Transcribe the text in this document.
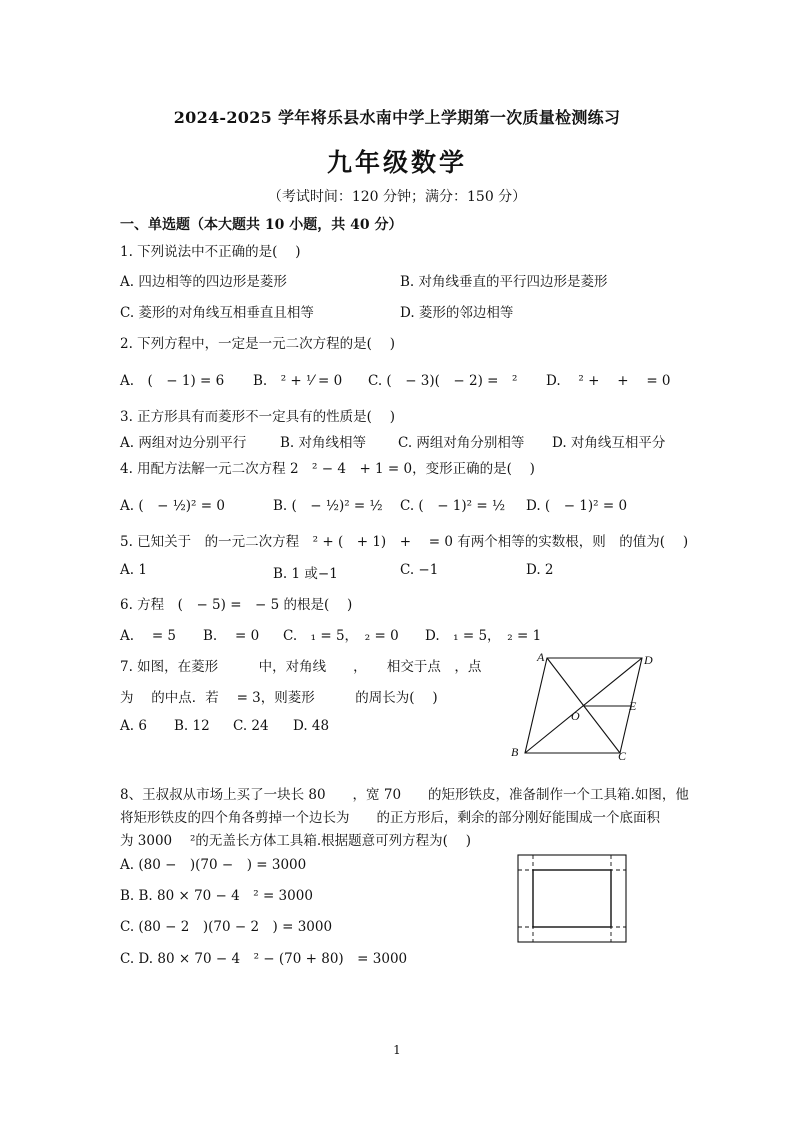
2024-2025 学年将乐县水南中学上学期第一次质量检测练习
九年级数学
（考试时间：120 分钟；满分：150 分）
一、单选题（本大题共 10 小题，共 40 分）
1. 下列说法中不正确的是(　 )
A. 四边相等的四边形是菱形	B. 对角线垂直的平行四边形是菱形
C. 菱形的对角线互相垂直且相等	D. 菱形的邻边相等
2. 下列方程中，一定是一元二次方程的是(　 )
A.　(　− 1) = 6 B.　² + ¹⁄ = 0 C. (　− 3)(　− 2) =　² D.　 ² +　 +　 = 0
3. 正方形具有而菱形不一定具有的性质是(　 )
A. 两组对边分别平行 B. 对角线相等 C. 两组对角分别相等 D. 对角线互相平分
4. 用配方法解一元二次方程 2　² − 4　+ 1 = 0，变形正确的是(　 )
A. (　− ½)² = 0	B. (　− ½)² = ½ C. (　− 1)² = ½ D. (　− 1)² = 0
5. 已知关于　的一元二次方程　² + (　+ 1)　+　 = 0 有两个相等的实数根，则　的值为(　 )
A. 1	B. 1 或−1	C. −1	D. 2
6. 方程　(　− 5) =　− 5 的根是(　 )
A.　 = 5 B.　 = 0 C.　₁ = 5，　₂ = 0 D.　₁ = 5，　₂ = 1
7. 如图，在菱形　　　中，对角线　　，　　相交于点　，点
为　 的中点．若　 = 3，则菱形　　　的周长为(　 )
A. 6 B. 12 C. 24 D. 48
A	D
B	C
O
E
8、王叔叔从市场上买了一块长 80　　，宽 70　　的矩形铁皮，准备制作一个工具箱.如图，他
将矩形铁皮的四个角各剪掉一个边长为　　的正方形后，剩余的部分刚好能围成一个底面积
为 3000　 ²的无盖长方体工具箱.根据题意可列方程为(　 )
A. (80 −　)(70 −　) = 3000
B. B. 80 × 70 − 4　² = 3000
C. (80 − 2　)(70 − 2　) = 3000
C. D. 80 × 70 − 4　² − (70 + 80)　= 3000
1
